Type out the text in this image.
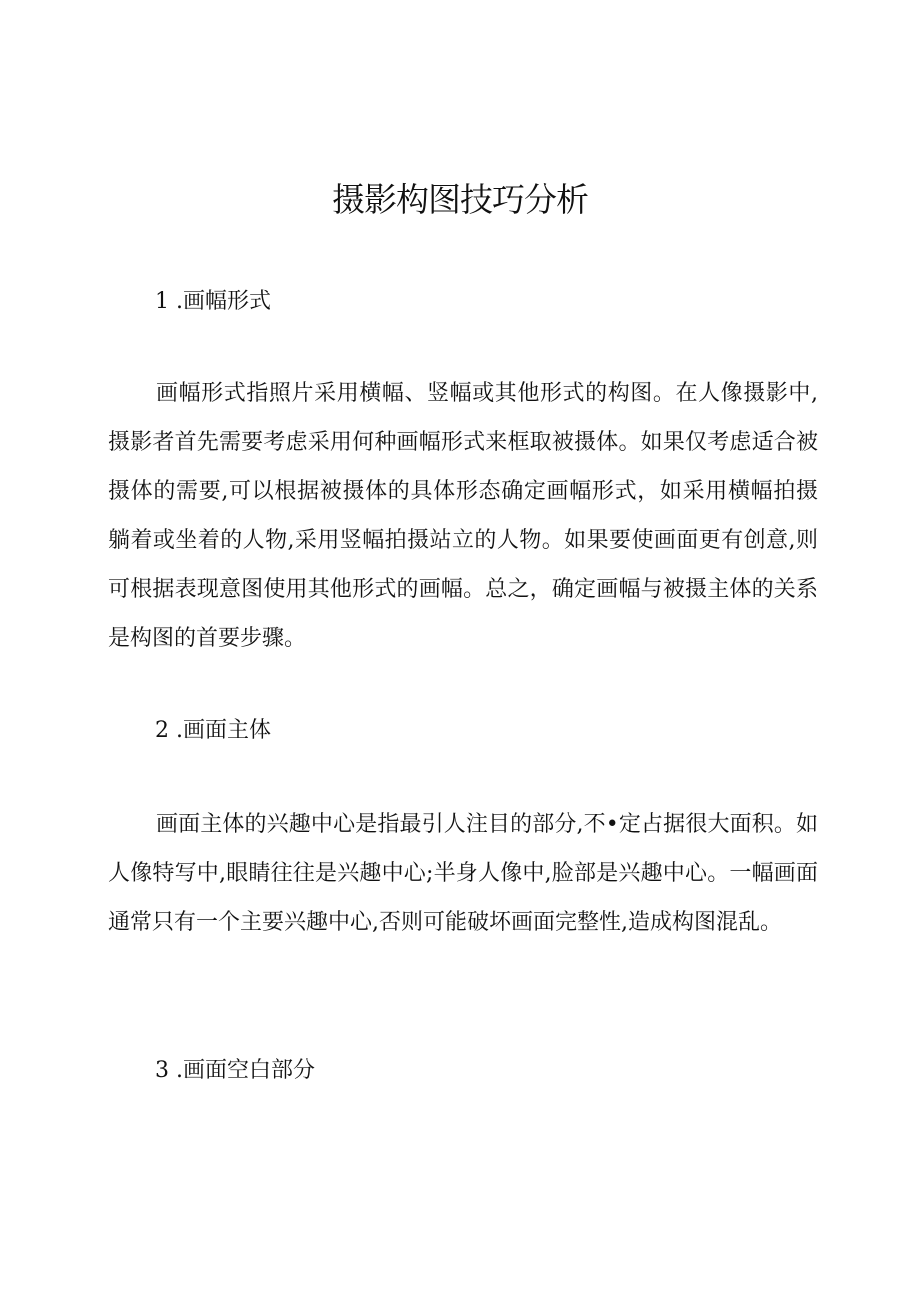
摄影构图技巧分析
1 .画幅形式

画幅形式指照片采用横幅、竖幅或其他形式的构图。在人像摄影中,摄影者首先需要考虑采用何种画幅形式来框取被摄体。如果仅考虑适合被摄体的需要,可以根据被摄体的具体形态确定画幅形式，如采用横幅拍摄躺着或坐着的人物,采用竖幅拍摄站立的人物。如果要使画面更有创意,则可根据表现意图使用其他形式的画幅。总之，确定画幅与被摄主体的关系是构图的首要步骤。

2 .画面主体

画面主体的兴趣中心是指最引人注目的部分,不•定占据很大面积。如人像特写中,眼睛往往是兴趣中心;半身人像中,脸部是兴趣中心。一幅画面通常只有一个主要兴趣中心,否则可能破坏画面完整性,造成构图混乱。

3 .画面空白部分
